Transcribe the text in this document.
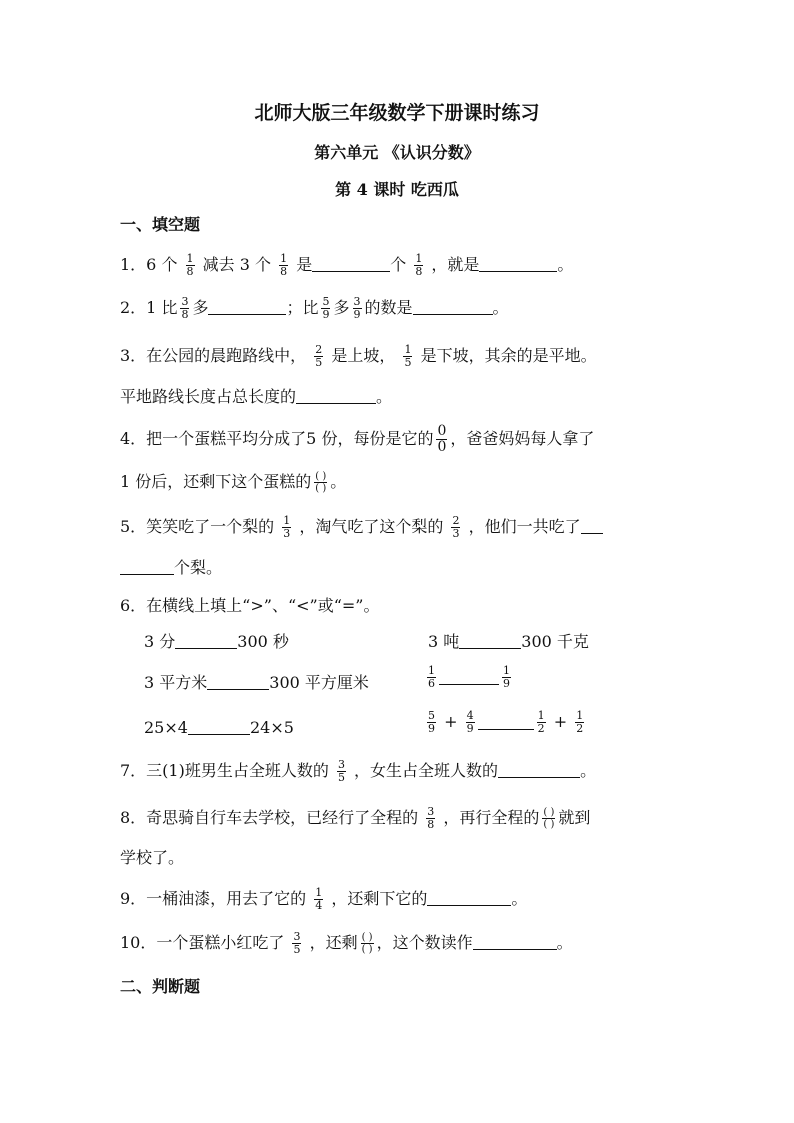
北师大版三年级数学下册课时练习
第六单元 《认识分数》
第 4 课时 吃西瓜
一、填空题
1．6 个 $\frac{1}{8}$ 减去 3 个 $\frac{1}{8}$ 是	个 $\frac{1}{8}$ ，就是	。
2．1 比 $\frac{3}{8}$ 多	；比 $\frac{5}{9}$ 多 $\frac{3}{9}$ 的数是	。
3．在公园的晨跑路线中， $\frac{2}{5}$ 是上坡， $\frac{1}{5}$ 是下坡，其余的是平地。
平地路线长度占总长度的	。
4．把一个蛋糕平均分成了5 份，每份是它的 $\frac{0}{0}$ ，爸爸妈妈每人拿了
1 份后，还剩下这个蛋糕的 $\frac{( )}{( )}$ 。
5．笑笑吃了一个梨的 $\frac{1}{3}$ ，淘气吃了这个梨的 $\frac{2}{3}$ ，他们一共吃了
个梨。
6．在横线上填上“>”、“<”或“=”。
3 分	300 秒	3 吨	300 千克
3 平方米	300 平方厘米	$\frac{1}{6}$	$\frac{1}{9}$
25×4	24×5	$\frac{5}{9} + \frac{4}{9}$	$\frac{1}{2} + \frac{1}{2}$
7．三(1)班男生占全班人数的 $\frac{3}{5}$ ，女生占全班人数的	。
8．奇思骑自行车去学校，已经行了全程的 $\frac{3}{8}$ ，再行全程的 $\frac{( )}{( )}$ 就到
学校了。
9．一桶油漆，用去了它的 $\frac{1}{4}$ ，还剩下它的	。
10．一个蛋糕小红吃了 $\frac{3}{5}$ ，还剩 $\frac{( )}{( )}$ ，这个数读作	。
二、判断题
